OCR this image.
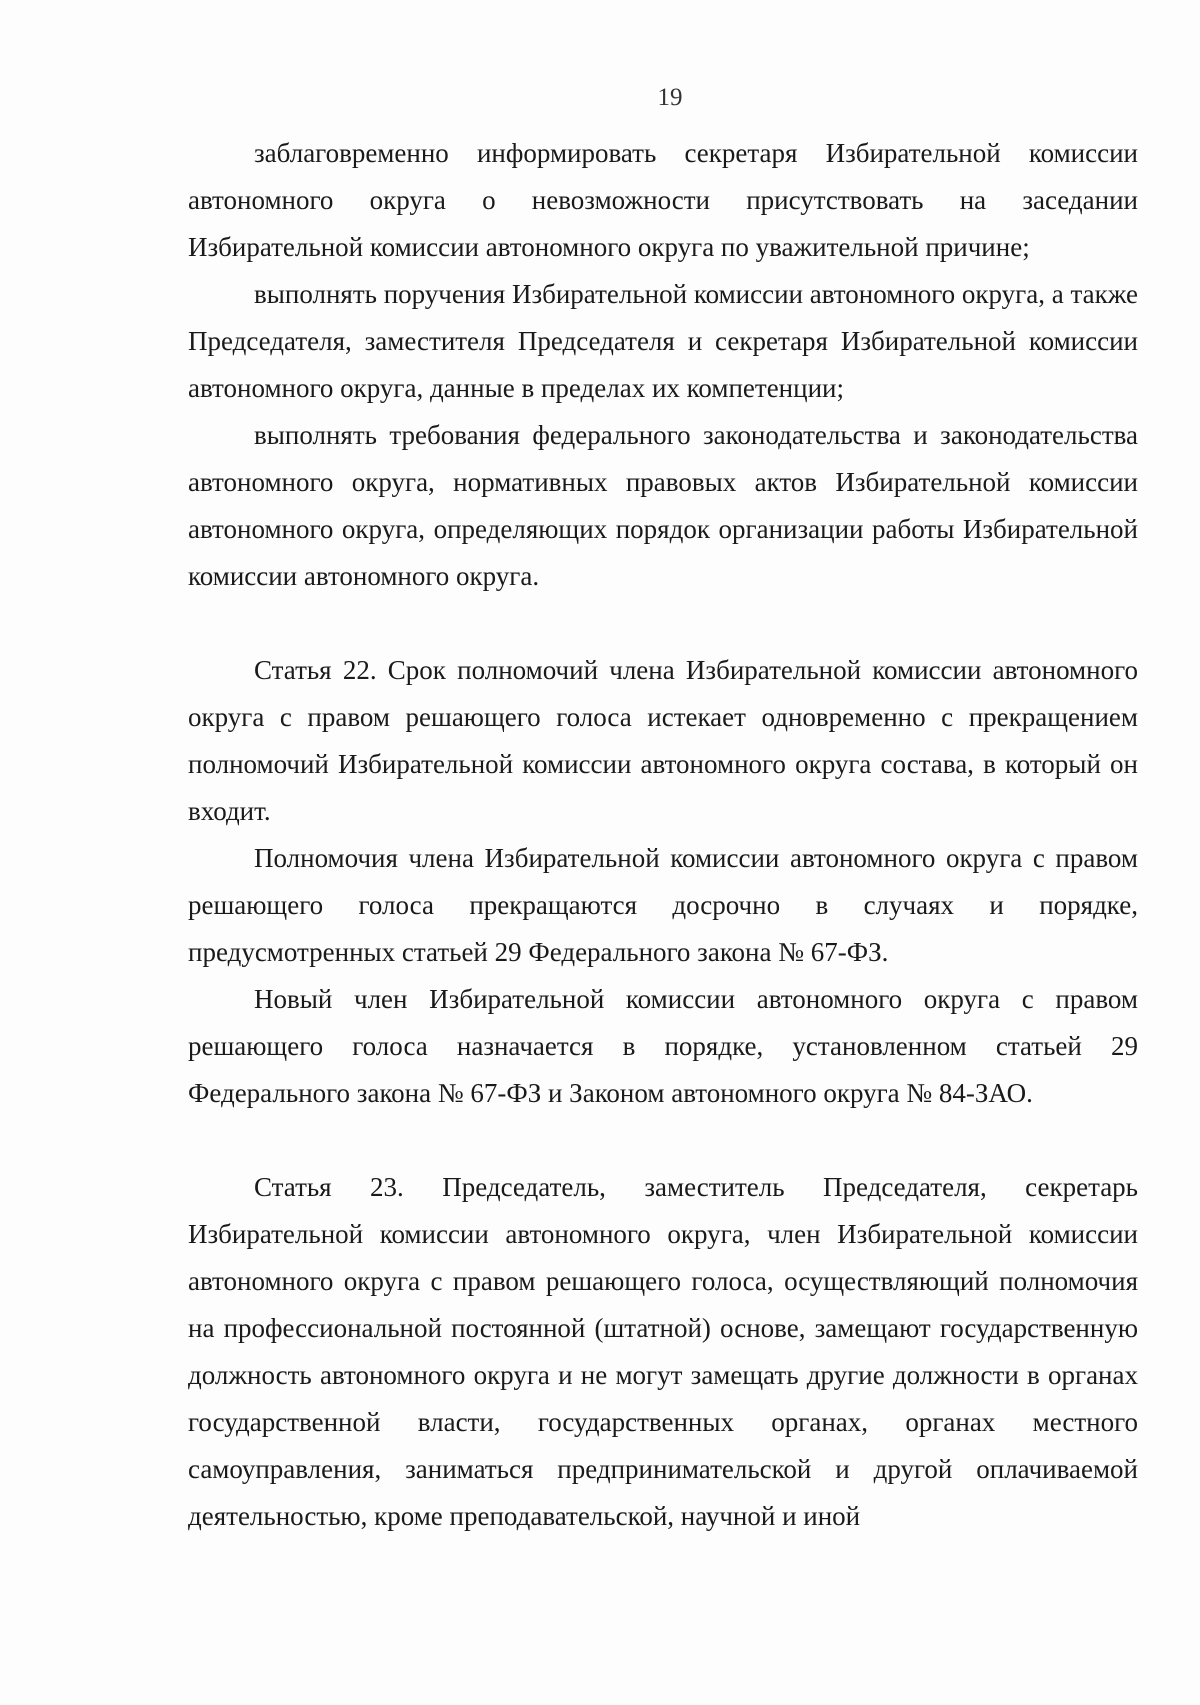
19

заблаговременно информировать секретаря Избирательной комиссии автономного округа о невозможности присутствовать на заседании Избирательной комиссии автономного округа по уважительной причине;

выполнять поручения Избирательной комиссии автономного округа, а также Председателя, заместителя Председателя и секретаря Избирательной комиссии автономного округа, данные в пределах их компетенции;

выполнять требования федерального законодательства и законодательства автономного округа, нормативных правовых актов Избирательной комиссии автономного округа, определяющих порядок организации работы Избирательной комиссии автономного округа.

Статья 22. Срок полномочий члена Избирательной комиссии автономного округа с правом решающего голоса истекает одновременно с прекращением полномочий Избирательной комиссии автономного округа состава, в который он входит.

Полномочия члена Избирательной комиссии автономного округа с правом решающего голоса прекращаются досрочно в случаях и порядке, предусмотренных статьей 29 Федерального закона № 67-ФЗ.

Новый член Избирательной комиссии автономного округа с правом решающего голоса назначается в порядке, установленном статьей 29 Федерального закона № 67-ФЗ и Законом автономного округа № 84-ЗАО.

Статья 23. Председатель, заместитель Председателя, секретарь Избирательной комиссии автономного округа, член Избирательной комиссии автономного округа с правом решающего голоса, осуществляющий полномочия на профессиональной постоянной (штатной) основе, замещают государственную должность автономного округа и не могут замещать другие должности в органах государственной власти, государственных органах, органах местного самоуправления, заниматься предпринимательской и другой оплачиваемой деятельностью, кроме преподавательской, научной и иной
